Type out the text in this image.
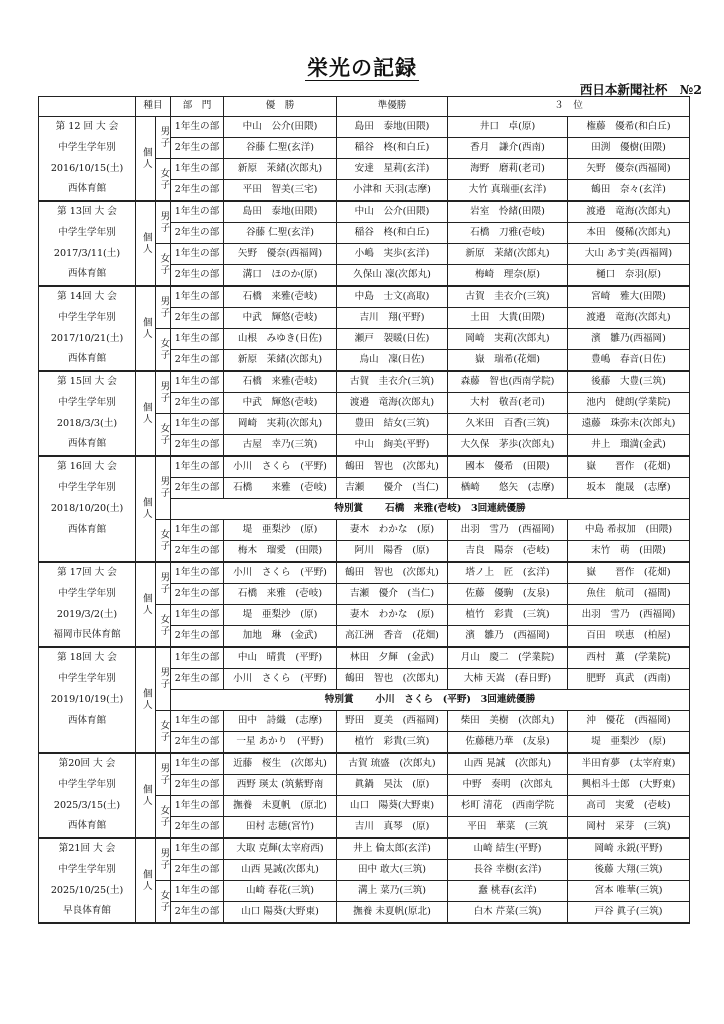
栄光の記録
西日本新聞社杯 №2
	種目		部　門	優　勝	準優勝	３　位	
第 12 回 大 会	個人	男子	1年生の部	中山　公介(田隈)	島田　泰地(田隈)	井口　卓(原)	権藤　優希(和白丘)
中学生学年別			2年生の部	谷藤 仁聖(玄洋)	稲谷　柊(和白丘)	香月　謙介(西南)	田渕　優樹(田隈)
2016/10/15(土)		女子	1年生の部	新原　茉緒(次郎丸)	安達　星莉(玄洋)	海野　磨莉(老司)	矢野　優奈(西福岡)
西体育館			2年生の部	平田　智美(三宅)	小津和 天羽(志摩)	大竹 真瑞亜(玄洋)	鶴田　奈々(玄洋)
第 13回 大 会	個人	男子	1年生の部	島田　泰地(田隈)	中山　公介(田隈)	岩室　怜緒(田隈)	渡邉　竜海(次郎丸)
中学生学年別			2年生の部	谷藤 仁聖(玄洋)	稲谷　柊(和白丘)	石橋　刀雅(壱岐)	本田　優稀(次郎丸)
2017/3/11(土)		女子	1年生の部	矢野　優奈(西福岡)	小嶋　実歩(玄洋)	新原　茉緒(次郎丸)	大山 あす美(西福岡)
西体育館			2年生の部	溝口　ほのか(原)	久保山 凜(次郎丸)	梅崎　理奈(原)	樋口　奈羽(原)
第 14回 大 会	個人	男子	1年生の部	石橋　来雅(壱岐)	中島　士文(高取)	古賀　圭衣介(三筑)	宮崎　雅大(田隈)
中学生学年別			2年生の部	中武　輝悠(壱岐)	吉川　翔(平野)	土田　大貴(田隈)	渡邉　竜海(次郎丸)
2017/10/21(土)		女子	1年生の部	山根　みゆき(日佐)	瀬戸　袈暖(日佐)	岡崎　実莉(次郎丸)	濱　雛乃(西福岡)
西体育館			2年生の部	新原　茉緒(次郎丸)	烏山　凜(日佐)	嶽　瑞希(花畑)	豊嶋　春音(日佐)
第 15回 大 会	個人	男子	1年生の部	石橋　来雅(壱岐)	古賀　圭衣介(三筑)	森藤　智也(西南学院)	後藤　大豊(三筑)
中学生学年別			2年生の部	中武　輝悠(壱岐)	渡邉　竜海(次郎丸)	大村　敬吾(老司)	池内　健朗(学業院)
2018/3/3(土)		女子	1年生の部	岡崎　実莉(次郎丸)	豊田　結女(三筑)	久米田　百香(三筑)	遠藤　珠弥未(次郎丸)
西体育館			2年生の部	古屋　幸乃(三筑)	中山　絢美(平野)	大久保　茅歩(次郎丸)	井上　瑠満(金武)
第 16回 大 会	個人	男子	1年生の部	小川　さくら　(平野)	鶴田　智也　(次郎丸)	國本　優希　(田隈)	嶽　　晋作　(花畑)
中学生学年別			2年生の部	石橋　　来雅　(壱岐)	吉瀬　　優介　(当仁)	楢崎　　悠矢　(志摩)	坂本　龍晟　(志摩)
2018/10/20(土)			特別賞 石橋　来雅(壱岐)　3回連続優勝				
西体育館		女子	1年生の部	堤　亜梨沙　(原)	妻木　わかな　(原)	出羽　雪乃　(西福岡)	中島 希叔加　(田隈)
			2年生の部	梅木　瑠愛　(田隈)	阿川　陽香　(原)	吉良　陽奈　(壱岐)	末竹　萌　(田隈)
第 17回 大 会	個人	男子	1年生の部	小川　さくら　(平野)	鶴田　智也　(次郎丸)	塔ノ上　匠　(玄洋)	嶽　　晋作　(花畑)
中学生学年別			2年生の部	石橋　来雅　(壱岐)	吉瀬　優介　(当仁)	佐藤　優駒　(友泉)	魚住　航司　(福間)
2019/3/2(土)		女子	1年生の部	堤　亜梨沙　(原)	妻木　わかな　(原)	植竹　彩貴　(三筑)	出羽　雪乃　(西福岡)
福岡市民体育館			2年生の部	加地　琳　(金武)	高江洲　香音　(花畑)	濱　雛乃　(西福岡)	百田　咲恵　(柏屋)
第 18回 大 会	個人	男子	1年生の部	中山　晴貴　(平野)	林田　夕輝　(金武)	月山　慶二　(学業院)	西村　薫　(学業院)
中学生学年別			2年生の部	小川　さくら　(平野)	鶴田　智也　(次郎丸)	大柿 天嵩　(春日野)	肥野　真武　(西南)
2019/10/19(土)			特別賞 小川　さくら　(平野)　3回連続優勝				
西体育館		女子	1年生の部	田中　詩織　(志摩)	野田　夏美　(西福岡)	柴田　美樹　(次郎丸)	沖　優花　(西福岡)
			2年生の部	一星 あかり　(平野)	植竹　彩貴(三筑)	佐藤穂乃華　(友泉)	堤　亜梨沙　(原)
第20回 大 会	個人	男子	1年生の部	近藤　桜生　(次郎丸)	古賀 琉盛　(次郎丸)	山西 晃誠　(次郎丸)	半田育夢　(太宰府東)
中学生学年別			2年生の部	西野 瑛太 (筑紫野南	眞鍋　昊汰　(原)	中野　奏明　(次郎丸	興梠斗士郎　(大野東)
2025/3/15(土)		女子	1年生の部	撫養　未夏帆　(原北)	山口　陽葵(大野東)	杉町 清花　(西南学院	高司　実愛　(壱岐)
西体育館			2年生の部	田村 志穂(宮竹)	吉川　真琴　(原)	平田　華菜　(三筑	岡村　采芽　(三筑)
第21回 大 会	個人	男子	1年生の部	大取 克輝(太宰府西)	井上 倫太郎(玄洋)	山崎 結生(平野)	岡崎 永鋭(平野)
中学生学年別			2年生の部	山西 晃誠(次郎丸)	田中 敢大(三筑)	長谷 幸樹(玄洋)	後藤 大翔(三筑)
2025/10/25(土)		女子	1年生の部	山崎 春花(三筑)	溝上 菜乃(三筑)	蠢 桃春(玄洋)	宮本 唯華(三筑)
早良体育館			2年生の部	山口 陽葵(大野東)	撫養 未夏帆(原北)	白木 芹菜(三筑)	戸谷 眞子(三筑)
